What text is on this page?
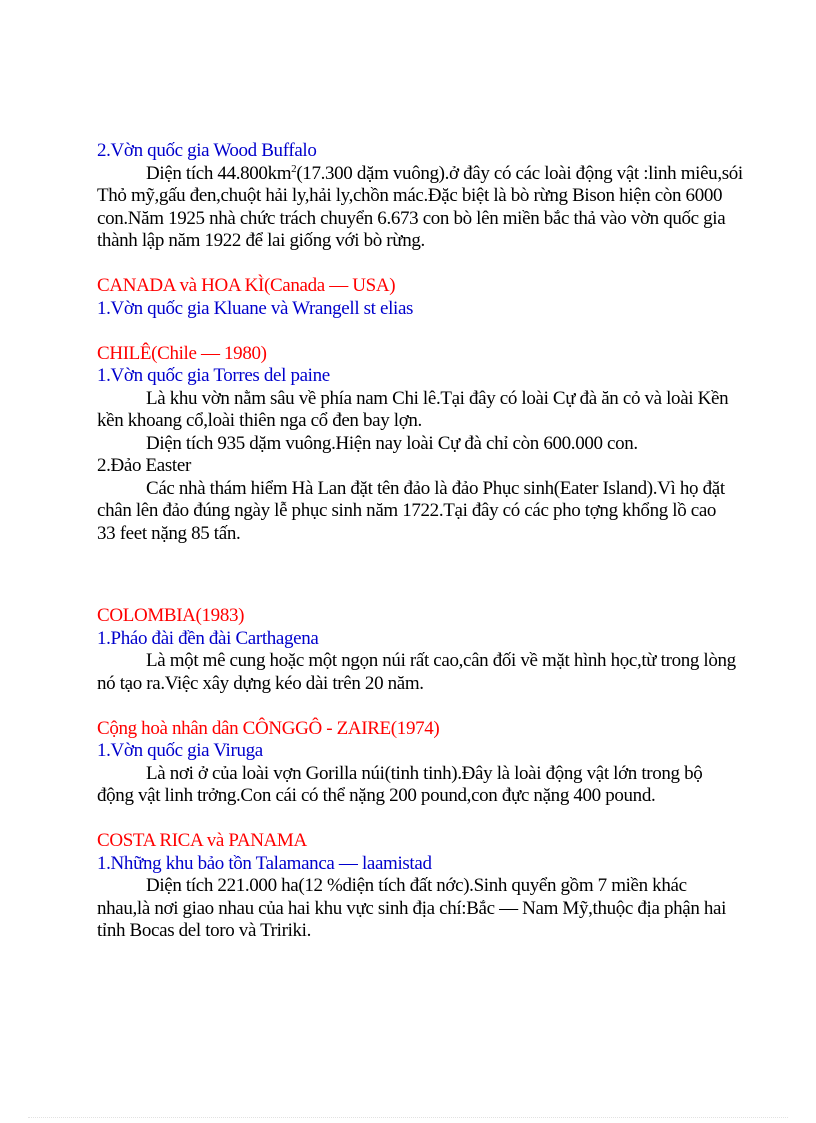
2.Vờn quốc gia Wood Buffalo
Diện tích $44.800km^2(17.300$ dặm vuông).ở đây có các loài động vật :linh miêu,sói
Thỏ mỹ,gấu đen,chuột hải ly,hải ly,chồn mác.Đặc biệt là bò rừng Bison hiện còn 6000
con.Năm 1925 nhà chức trách chuyển 6.673 con bò lên miền bắc thả vào vờn quốc gia
thành lập năm 1922 để lai giống với bò rừng.
CANADA và HOA KÌ(Canada — USA)
1.Vờn quốc gia Kluane và Wrangell st elias
CHILÊ(Chile — 1980)
1.Vờn quốc gia Torres del paine
Là khu vờn nằm sâu về phía nam Chi lê.Tại đây có loài Cự đà ăn cỏ và loài Kền
kền khoang cổ,loài thiên nga cổ đen bay lợn.
Diện tích 935 dặm vuông.Hiện nay loài Cự đà chỉ còn 600.000 con.
2.Đảo Easter
Các nhà thám hiểm Hà Lan đặt tên đảo là đảo Phục sinh(Eater Island).Vì họ đặt
chân lên đảo đúng ngày lễ phục sinh năm 1722.Tại đây có các pho tợng khổng lồ cao
33 feet nặng 85 tấn.
COLOMBIA(1983)
1.Pháo đài đền đài Carthagena
Là một mê cung hoặc một ngọn núi rất cao,cân đối về mặt hình học,từ trong lòng
nó tạo ra.Việc xây dựng kéo dài trên 20 năm.
Cộng hoà nhân dân CÔNGGÔ - ZAIRE(1974)
1.Vờn quốc gia Viruga
Là nơi ở của loài vợn Gorilla núi(tinh tinh).Đây là loài động vật lớn trong bộ
động vật linh trởng.Con cái có thể nặng 200 pound,con đực nặng 400 pound.
COSTA RICA và PANAMA
1.Những khu bảo tồn Talamanca — laamistad
Diện tích 221.000 ha(12 %diện tích đất nớc).Sinh quyển gồm 7 miền khác
nhau,là nơi giao nhau của hai khu vực sinh địa chí:Bắc — Nam Mỹ,thuộc địa phận hai
tỉnh Bocas del toro và Tririki.
